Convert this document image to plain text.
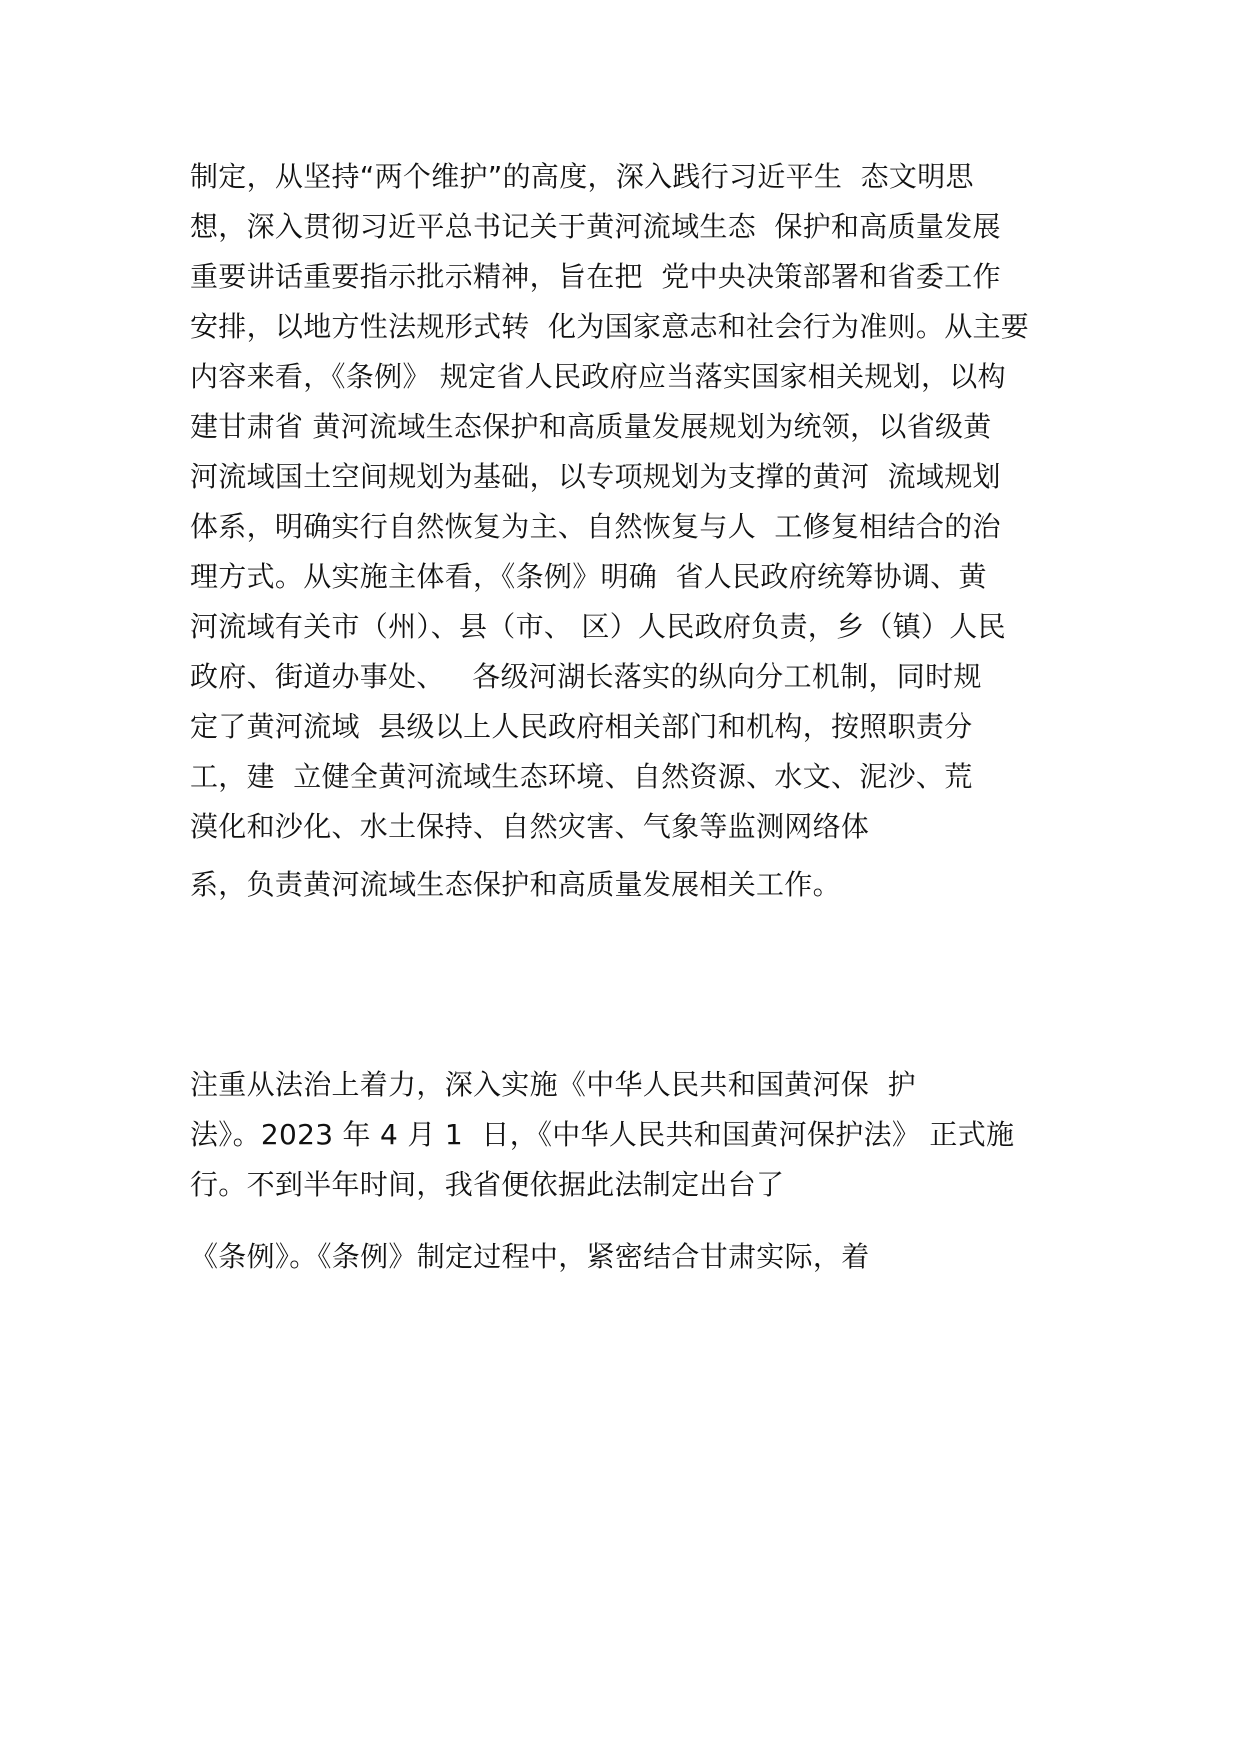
制定，从坚持“两个维护”的高度，深入践行习近平生  态文明思
想，深入贯彻习近平总书记关于黄河流域生态  保护和高质量发展
重要讲话重要指示批示精神，旨在把  党中央决策部署和省委工作
安排，以地方性法规形式转  化为国家意志和社会行为准则。从主要
内容来看，《条例》 规定省人民政府应当落实国家相关规划，以构
建甘肃省 黄河流域生态保护和高质量发展规划为统领，以省级黄
河流域国土空间规划为基础，以专项规划为支撑的黄河  流域规划
体系，明确实行自然恢复为主、自然恢复与人  工修复相结合的治
理方式。从实施主体看，《条例》明确  省人民政府统筹协调、黄
河流域有关市（州）、县（市、 区）人民政府负责，乡（镇）人民
政府、街道办事处、   各级河湖长落实的纵向分工机制，同时规
定了黄河流域  县级以上人民政府相关部门和机构，按照职责分
工，建  立健全黄河流域生态环境、自然资源、水文、泥沙、荒
漠化和沙化、水土保持、自然灾害、气象等监测网络体
系，负责黄河流域生态保护和高质量发展相关工作。
注重从法治上着力，深入实施《中华人民共和国黄河保  护
法》。2023 年 4 月 1  日，《中华人民共和国黄河保护法》 正式施
行。不到半年时间，我省便依据此法制定出台了
《条例》。《条例》制定过程中，紧密结合甘肃实际，着
